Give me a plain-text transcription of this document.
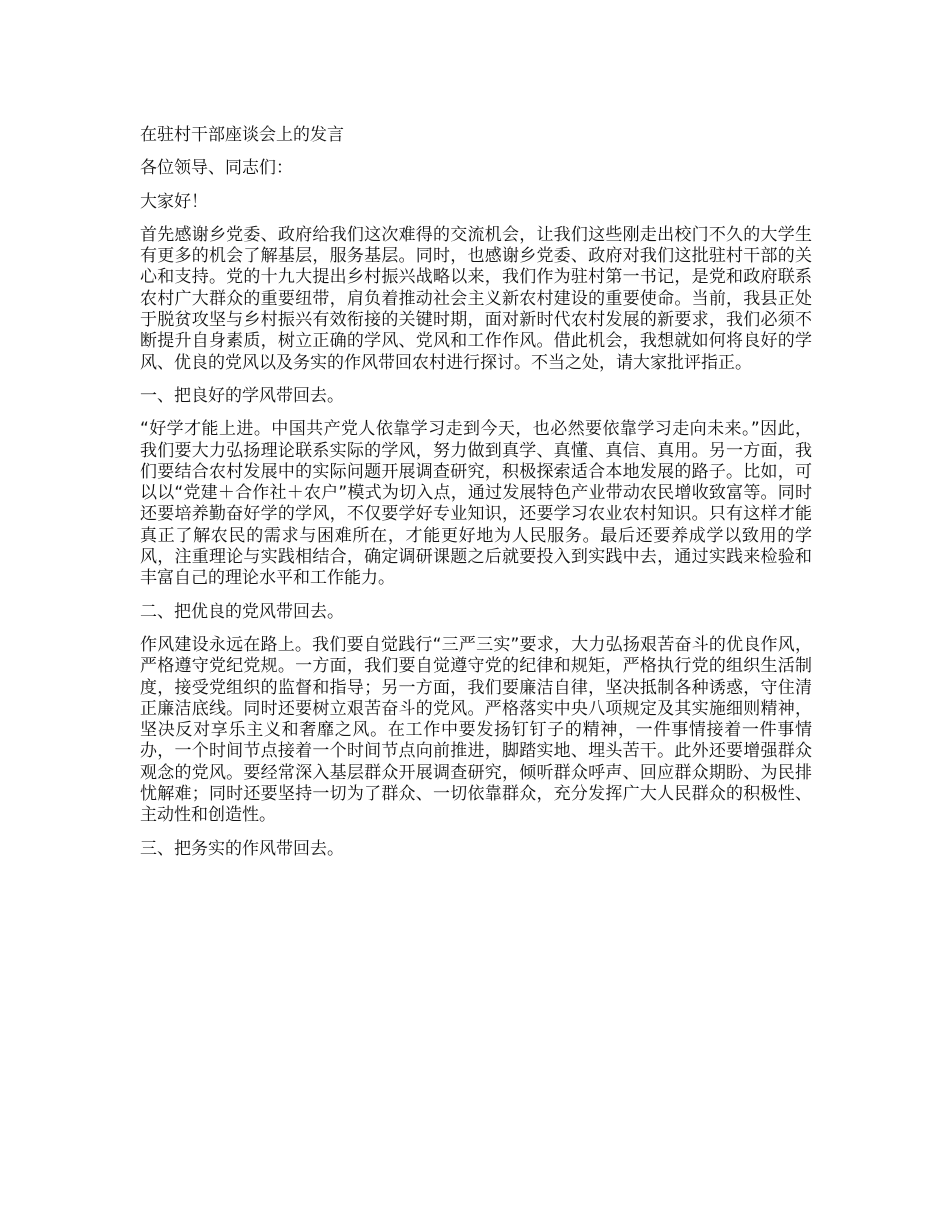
在驻村干部座谈会上的发言

各位领导、同志们：

大家好！

首先感谢乡党委、政府给我们这次难得的交流机会，让我们这些刚走出校门不久的大学生有更多的机会了解基层，服务基层。同时，也感谢乡党委、政府对我们这批驻村干部的关心和支持。党的十九大提出乡村振兴战略以来，我们作为驻村第一书记，是党和政府联系农村广大群众的重要纽带，肩负着推动社会主义新农村建设的重要使命。当前，我县正处于脱贫攻坚与乡村振兴有效衔接的关键时期，面对新时代农村发展的新要求，我们必须不断提升自身素质，树立正确的学风、党风和工作作风。借此机会，我想就如何将良好的学风、优良的党风以及务实的作风带回农村进行探讨。不当之处，请大家批评指正。

一、把良好的学风带回去。

“好学才能上进。中国共产党人依靠学习走到今天，也必然要依靠学习走向未来。”因此，我们要大力弘扬理论联系实际的学风，努力做到真学、真懂、真信、真用。另一方面，我们要结合农村发展中的实际问题开展调查研究，积极探索适合本地发展的路子。比如，可以以“党建＋合作社＋农户”模式为切入点，通过发展特色产业带动农民增收致富等。同时还要培养勤奋好学的学风，不仅要学好专业知识，还要学习农业农村知识。只有这样才能真正了解农民的需求与困难所在，才能更好地为人民服务。最后还要养成学以致用的学风，注重理论与实践相结合，确定调研课题之后就要投入到实践中去，通过实践来检验和丰富自己的理论水平和工作能力。

二、把优良的党风带回去。

作风建设永远在路上。我们要自觉践行“三严三实”要求，大力弘扬艰苦奋斗的优良作风，严格遵守党纪党规。一方面，我们要自觉遵守党的纪律和规矩，严格执行党的组织生活制度，接受党组织的监督和指导；另一方面，我们要廉洁自律，坚决抵制各种诱惑，守住清正廉洁底线。同时还要树立艰苦奋斗的党风。严格落实中央八项规定及其实施细则精神，坚决反对享乐主义和奢靡之风。在工作中要发扬钉钉子的精神，一件事情接着一件事情办，一个时间节点接着一个时间节点向前推进，脚踏实地、埋头苦干。此外还要增强群众观念的党风。要经常深入基层群众开展调查研究，倾听群众呼声、回应群众期盼、为民排忧解难；同时还要坚持一切为了群众、一切依靠群众，充分发挥广大人民群众的积极性、主动性和创造性。

三、把务实的作风带回去。
